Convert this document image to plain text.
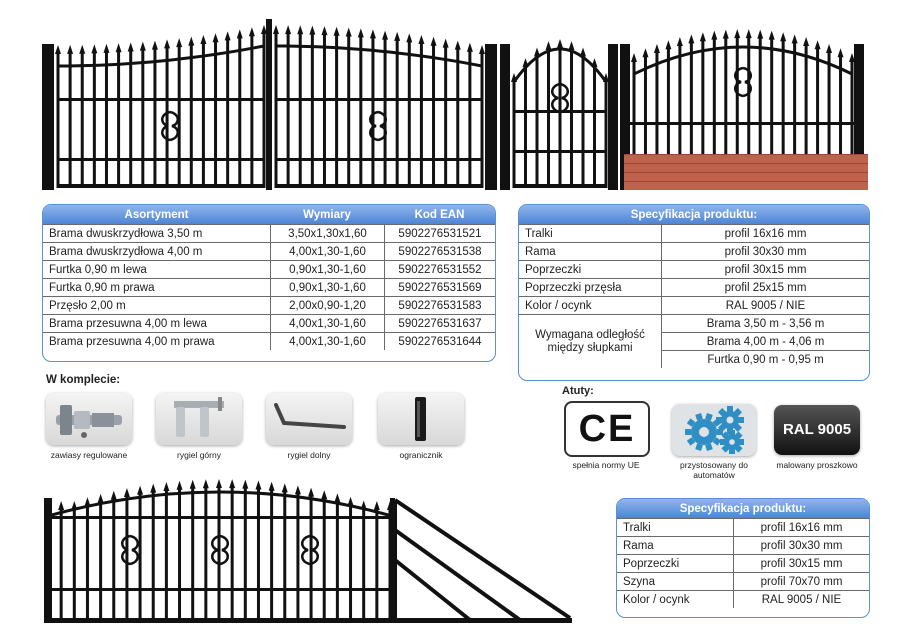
Asortyment	Wymiary	Kod EAN
Brama dwuskrzydłowa 3,50 m	3,50x1,30x1,60	5902276531521
Brama dwuskrzydłowa 4,00 m	4,00x1,30-1,60	5902276531538
Furtka 0,90 m lewa	0,90x1,30-1,60	5902276531552
Furtka 0,90 m prawa	0,90x1,30-1,60	5902276531569
Przęsło 2,00 m	2,00x0,90-1,20	5902276531583
Brama przesuwna 4,00 m lewa	4,00x1,30-1,60	5902276531637
Brama przesuwna 4,00 m prawa	4,00x1,30-1,60	5902276531644
Specyfikacja produktu:	
Tralki	profil 16x16 mm
Rama	profil 30x30 mm
Poprzeczki	profil 30x15 mm
Poprzeczki przęsła	profil 25x15 mm
Kolor / ocynk	RAL 9005 / NIE
Wymagana odległość między słupkami	Brama 3,50 m - 3,56 m
	Brama 4,00 m - 4,06 m
	Furtka 0,90 m - 0,95 m
W komplecie:
zawiasy regulowane	rygiel górny	rygiel dolny	ogranicznik
Atuty:
CE
spełnia normy UE	przystosowany do automatów
RAL 9005
malowany proszkowo
Specyfikacja produktu:	
Tralki	profil 16x16 mm
Rama	profil 30x30 mm
Poprzeczki	profil 30x15 mm
Szyna	profil 70x70 mm
Kolor / ocynk	RAL 9005 / NIE
